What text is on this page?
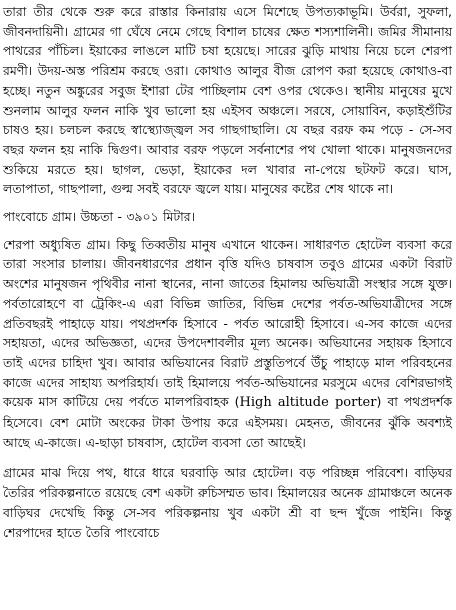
তারা তীর থেকে শুরু করে রাস্তার কিনারায় এসে মিশেছে উপত্যকাভূমি। উর্বরা, সুফলা, জীবনদায়িনী। গ্রামের গা ঘেঁষে নেমে গেছে বিশাল চাষের ক্ষেত শস্যশালিনী। জমির সীমানায় পাথরের পাঁচিল। ইয়াকের লাঙলে মাটি চষা হয়েছে। সারের ঝুড়ি মাথায় নিয়ে চলে শেরপা রমণী। উদয়-অস্ত পরিশ্রম করছে ওরা। কোথাও আলুর বীজ রোপণ করা হয়েছে কোথাও-বা হচ্ছে। নতুন অঙ্কুরের সবুজ ইশারা টের পাচ্ছিলাম বেশ ওপর থেকেও। স্থানীয় মানুষের মুখে শুনলাম আলুর ফলন নাকি খুব ভালো হয় এইসব অঞ্চলে। সরষে, সোয়াবিন, কড়াইশুঁটির চাষও হয়। চলচল করছে স্বাস্থ্যোজ্জ্বল সব গাছগাছালি। যে বছর বরফ কম পড়ে - সে-সব বছর ফলন হয় নাকি দ্বিগুণ। আবার বরফ পড়লে সর্বনাশের পথ খোলা থাকে। মানুষজনদের শুকিয়ে মরতে হয়। ছাগল, ভেড়া, ইয়াকের দল খাবার না-পেয়ে ছটফট করে। ঘাস, লতাপাতা, গাছপালা, গুল্ম সবই বরফে জ্বলে যায়। মানুষের কষ্টের শেষ থাকে না।

পাংবোচে গ্রাম। উচ্চতা - ৩৯০১ মিটার।

শেরপা অধ্যুষিত গ্রাম। কিছু তিব্বতীয় মানুষ এখানে থাকেন। সাধারণত হোটেল ব্যবসা করে তারা সংসার চালায়। জীবনধারণের প্রধান বৃত্তি যদিও চাষবাস তবুও গ্রামের একটা বিরাট অংশের মানুষজন পৃথিবীর নানা স্থানের, নানা জাতের হিমালয় অভিযাত্রী সংস্থার সঙ্গে যুক্ত। পর্বতারোহণে বা ট্রেকিং-এ এরা বিভিন্ন জাতির, বিভিন্ন দেশের পর্বত-অভিযাত্রীদের সঙ্গে প্রতিবছরই পাহাড়ে যায়। পথপ্রদর্শক হিসাবে - পর্বত আরোহী হিসাবে। এ-সব কাজে এদের সহায়তা, এদের অভিজ্ঞতা, এদের উপদেশাবলীর মূল্য অনেক। অভিযানের সহায়ক হিসাবে তাই এদের চাহিদা খুব। আবার অভিযানের বিরাট প্রস্তুতিপর্বে উঁচু পাহাড়ে মাল পরিবহনের কাজে এদের সাহায্য অপরিহার্য। তাই হিমালয়ে পর্বত-অভিযানের মরসুমে এদের বেশিরভাগই কয়েক মাস কাটিয়ে দেয় পর্বতে মালপরিবাহক (High altitude porter) বা পথপ্রদর্শক হিসেবে। বেশ মোটা অংকের টাকা উপায় করে এইসময়। মেহনত, জীবনের ঝুঁকি অবশ্যই আছে এ-কাজে। এ-ছাড়া চাষবাস, হোটেল ব্যবসা তো আছেই।

গ্রামের মাঝ দিয়ে পথ, ধারে ধারে ঘরবাড়ি আর হোটেল। বড় পরিচ্ছন্ন পরিবেশ। বাড়িঘর তৈরির পরিকল্পনাতে রয়েছে বেশ একটা রুচিসম্মত ভাব। হিমালয়ের অনেক গ্রামাঞ্চলে অনেক বাড়িঘর দেখেছি কিন্তু সে-সব পরিকল্পনায় খুব একটা শ্রী বা ছন্দ খুঁজে পাইনি। কিন্তু শেরপাদের হাতে তৈরি পাংবোচে
